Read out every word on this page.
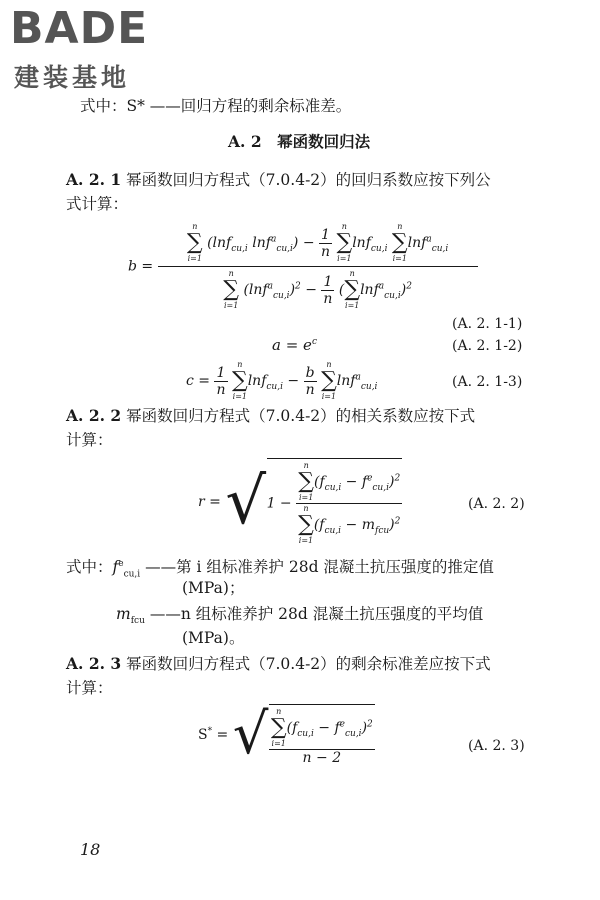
BADE
建装基地
式中：S* ——回归方程的剩余标准差。
A. 2　幂函数回归法
A. 2. 1 幂函数回归方程式（7.0.4-2）的回归系数应按下列公
式计算：
b =
n
∑
i=1
(lnf$_{cu,i}$ $\ln f^a_{cu,i}) - \frac{1}{n}$
	n
∑
i=1
lnf$_{cu,i}$
n
∑
i=1
lnf$^a_{cu,i}$
n
∑
i=1
$(\ln f^a_{cu,i})^2 - \frac{1}{n}$ (
n
∑
i=1
lnf$^a_{cu,i}$)$^2$
(A. 2. 1-1)
$a = e^c$	(A. 2. 1-2)
$c = \frac{1}{n}$
	n
∑
i=1
$\ln f_{cu,i} - \frac{b}{n}$
	n
∑
i=1
lnf$^a_{cu,i}$	(A. 2. 1-3)
A. 2. 2 幂函数回归方程式（7.0.4-2）的相关系数应按下式
计算：
r = √ 1 − n
∑
i=1
$(f_{cu,i} - f^e_{cu,i})^2$
n
∑
i=1
$(f_{cu,i} - m_{fcu})^2$	(A. 2. 2)
式中：$f^e_{cu,i}$ ——第 i 组标准养护 28d 混凝土抗压强度的推定值
(MPa)；
$m_{fcu}$ ——n 组标准养护 28d 混凝土抗压强度的平均值
(MPa)。
A. 2. 3 幂函数回归方程式（7.0.4-2）的剩余标准差应按下式
计算：
S* = √ n
∑
i=1
$(f_{cu,i} - f^e_{cu,i})^2$
n − 2	(A. 2. 3)
18
